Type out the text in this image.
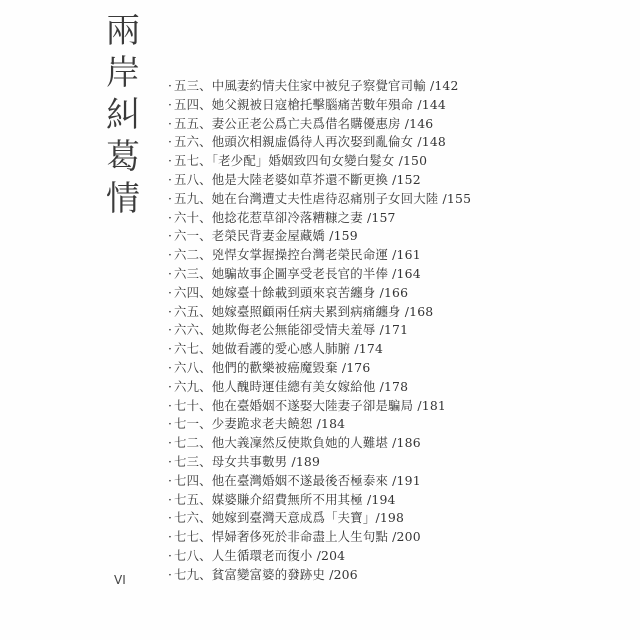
兩
岸
糾
葛
情
· 五三、中風妻約情夫住家中被兒子察覺官司輸 /142
· 五四、她父親被日寇槍托擊腦痛苦數年殞命 /144
· 五五、妻公正老公爲亡夫爲借名購優惠房 /146
· 五六、他頭次相親虛僞待人再次娶到亂倫女 /148
· 五七、「老少配」婚姻致四旬女變白髮女 /150
· 五八、他是大陸老婆如草芥還不斷更換 /152
· 五九、她在台灣遭丈夫性虐待忍痛別子女回大陸 /155
· 六十、他捻花惹草卻冷落糟糠之妻 /157
· 六一、老榮民背妻金屋藏嬌 /159
· 六二、兇悍女掌握操控台灣老榮民命運 /161
· 六三、她騙故事企圖享受老長官的半俸 /164
· 六四、她嫁臺十餘載到頭來哀苦纏身 /166
· 六五、她嫁臺照顧兩任病夫累到病痛纏身 /168
· 六六、她欺侮老公無能卻受情夫羞辱 /171
· 六七、她做看護的愛心感人肺腑 /174
· 六八、他們的歡樂被癌魔毀棄 /176
· 六九、他人醜時運佳總有美女嫁給他 /178
· 七十、他在臺婚姻不遂娶大陸妻子卻是騙局 /181
· 七一、少妻跪求老夫饒恕 /184
· 七二、他大義凜然反使欺負她的人難堪 /186
· 七三、母女共事數男 /189
· 七四、他在臺灣婚姻不遂最後否極泰來 /191
· 七五、媒婆賺介紹費無所不用其極 /194
· 七六、她嫁到臺灣天意成爲「夫寶」/198
· 七七、悍婦奢侈死於非命盡上人生句點 /200
· 七八、人生循環老而復小 /204
· 七九、貧富變富婆的發跡史 /206
VI
